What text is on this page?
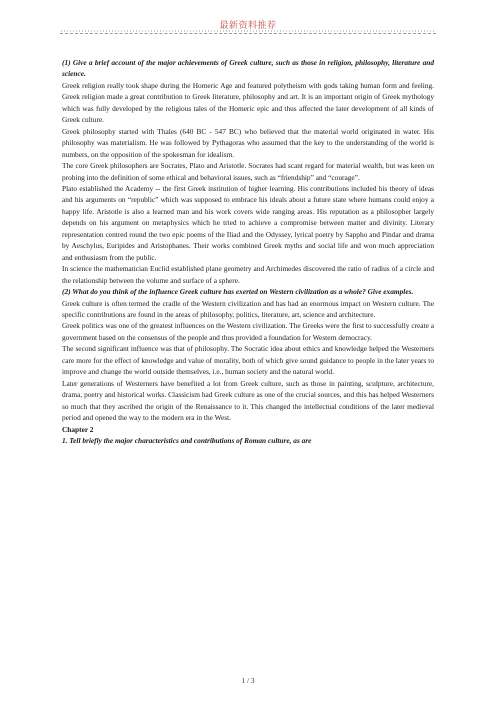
最新资料推荐

(1) Give a brief account of the major achievements of Greek culture, such as those in religion, philosophy, literature and science.

Greek religion really took shape during the Homeric Age and featured polytheism with gods taking human form and feeling. Greek religion made a great contribution to Greek literature, philosophy and art. It is an important origin of Greek mythology which was fully developed by the religious tales of the Homeric epic and thus affected the later development of all kinds of Greek culture.

Greek philosophy started with Thales (640 BC - 547 BC) who believed that the material world originated in water. His philosophy was materialism. He was followed by Pythagoras who assumed that the key to the understanding of the world is numbers, on the opposition of the spokesman for idealism.

The core Greek philosophers are Socrates, Plato and Aristotle. Socrates had scant regard for material wealth, but was keen on probing into the definition of some ethical and behavioral issues, such as “friendship” and “courage”.

Plato established the Academy -- the first Greek institution of higher learning. His contributions included his theory of ideas and his arguments on “republic” which was supposed to embrace his ideals about a future state where humans could enjoy a happy life. Aristotle is also a learned man and his work covers wide ranging areas. His reputation as a philosopher largely depends on his argument on metaphysics which he tried to achieve a compromise between matter and divinity. Literary representation centred round the two epic poems of the Iliad and the Odyssey, lyrical poetry by Sappho and Pindar and drama by Aeschylus, Euripides and Aristophanes. Their works combined Greek myths and social life and won much appreciation and enthusiasm from the public.

In science the mathematician Euclid established plane geometry and Archimedes discovered the ratio of radius of a circle and the relationship between the volume and surface of a sphere.

(2) What do you think of the influence Greek culture has exerted on Western civilization as a whole? Give examples.

Greek culture is often termed the cradle of the Western civilization and has had an enormous impact on Western culture. The specific contributions are found in the areas of philosophy, politics, literature, art, science and architecture.

Greek politics was one of the greatest influences on the Western civilization. The Greeks were the first to successfully create a government based on the consensus of the people and thus provided a foundation for Western democracy.

The second significant influence was that of philosophy. The Socratic idea about ethics and knowledge helped the Westerners care more for the effect of knowledge and value of morality, both of which give sound guidance to people in the later years to improve and change the world outside themselves, i.e., human society and the natural world.

Later generations of Westerners have benefited a lot from Greek culture, such as those in painting, sculpture, architecture, drama, poetry and historical works. Classicism had Greek culture as one of the crucial sources, and this has helped Westerners so much that they ascribed the origin of the Renaissance to it. This changed the intellectual conditions of the later medieval period and opened the way to the modern era in the West.

Chapter 2

1. Tell briefly the major characteristics and contributions of Roman culture, as are

1 / 3
